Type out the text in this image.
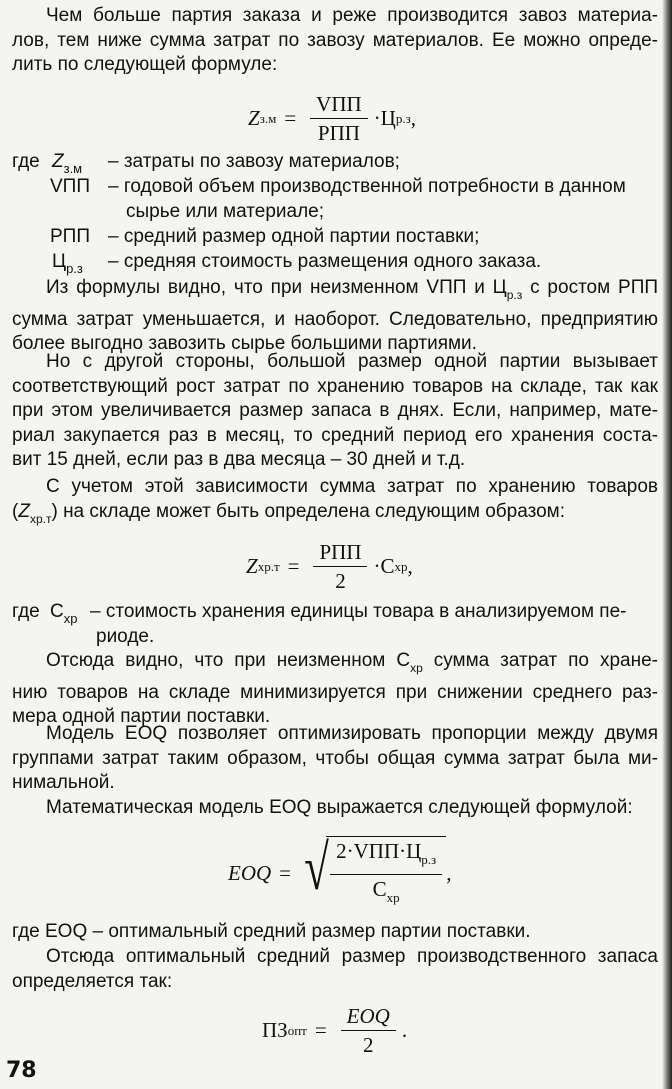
Чем больше партия заказа и реже производится завоз материа-
лов, тем ниже сумма затрат по завозу материалов. Ее можно опреде-
лить по следующей формуле:
Z $з.м = \frac{\text{VПП}}{\text{РПП}} \cdot Ц$ р.з ,
где $Z_{з.м}$ – затраты по завозу материалов;
VПП – годовой объем производственной потребности в данном
сырье или материале;
РПП – средний размер одной партии поставки;
$Ц_{р.з}$ – средняя стоимость размещения одного заказа.
Из формулы видно, что при неизменном VПП и $Ц_{р.з}$ с ростом РПП
сумма затрат уменьшается, и наоборот. Следовательно, предприятию
более выгодно завозить сырье большими партиями.
Но с другой стороны, большой размер одной партии вызывает
соответствующий рост затрат по хранению товаров на складе, так как
при этом увеличивается размер запаса в днях. Если, например, мате-
риал закупается раз в месяц, то средний период его хранения соста-
вит 15 дней, если раз в два месяца – 30 дней и т.д.
С учетом этой зависимости сумма затрат по хранению товаров
$(Z_{хр.т})$ на складе может быть определена следующим образом:
Z $хр.т = \frac{\text{РПП}}{2} \cdot С$ хр ,
где $С_{хр}$ – стоимость хранения единицы товара в анализируемом пе-
риоде.
Отсюда видно, что при неизменном $С_{хр}$ сумма затрат по хране-
нию товаров на складе минимизируется при снижении среднего раз-
мера одной партии поставки.
Модель EOQ позволяет оптимизировать пропорции между двумя
группами затрат таким образом, чтобы общая сумма затрат была ми-
нимальной.
Математическая модель EOQ выражается следующей формулой:
EOQ = √ $\frac{2\cdot VПП\cdot Ц_{р.з}}{С_{хр}}$ ,
где EOQ – оптимальный средний размер партии поставки.
Отсюда оптимальный средний размер производственного запаса
определяется так:
ПЗ опт = $\frac{\text{EOQ}}{2}$ .
78
